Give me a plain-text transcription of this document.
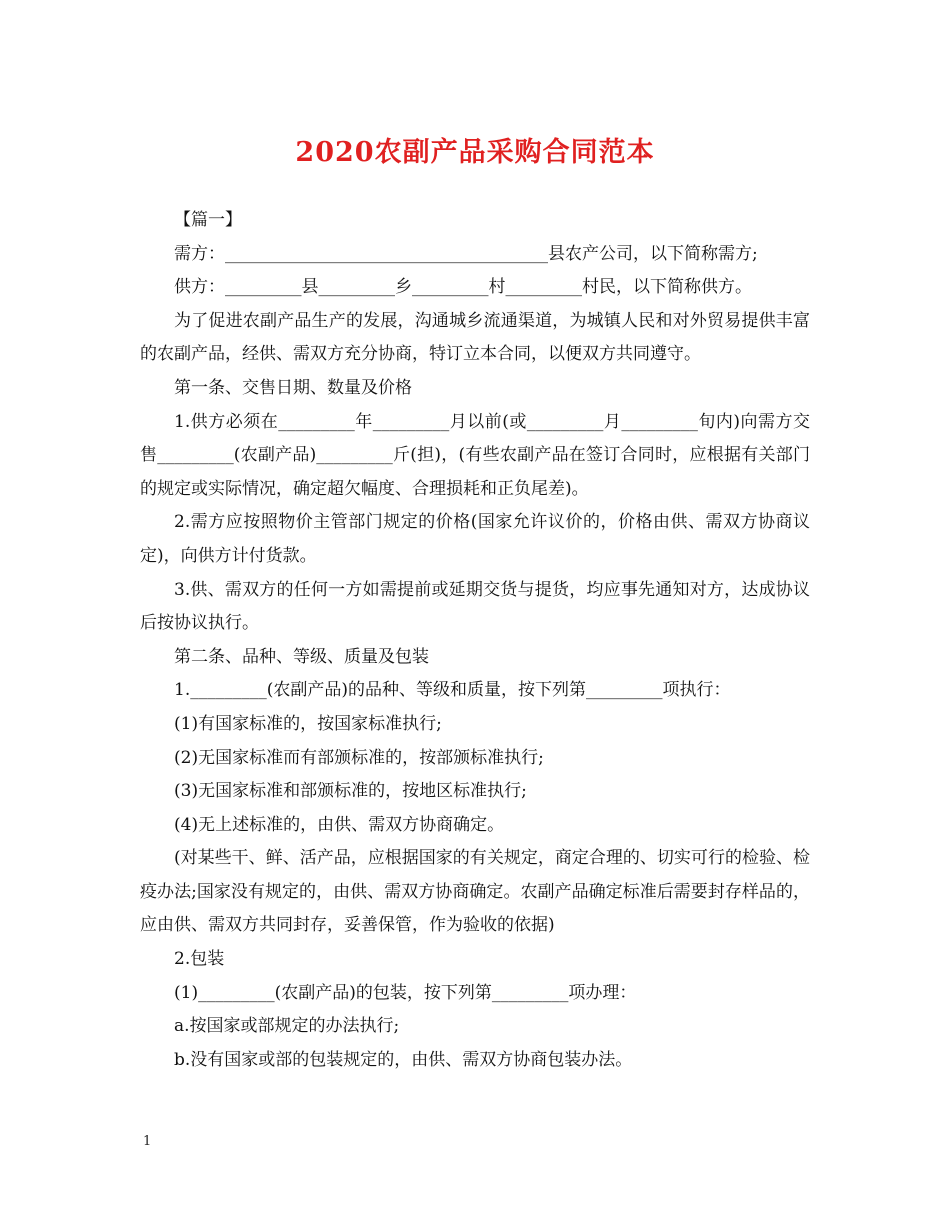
2020农副产品采购合同范本

【篇一】

需方：______________________________________县农产公司，以下简称需方;

供方：_________县_________乡_________村_________村民，以下简称供方。

为了促进农副产品生产的发展，沟通城乡流通渠道，为城镇人民和对外贸易提供丰富的农副产品，经供、需双方充分协商，特订立本合同，以便双方共同遵守。

第一条、交售日期、数量及价格

1.供方必须在_________年_________月以前(或_________月_________旬内)向需方交售_________(农副产品)_________斤(担)，(有些农副产品在签订合同时，应根据有关部门的规定或实际情况，确定超欠幅度、合理损耗和正负尾差)。

2.需方应按照物价主管部门规定的价格(国家允许议价的，价格由供、需双方协商议定)，向供方计付货款。

3.供、需双方的任何一方如需提前或延期交货与提货，均应事先通知对方，达成协议后按协议执行。

第二条、品种、等级、质量及包装

1._________(农副产品)的品种、等级和质量，按下列第_________项执行：

(1)有国家标准的，按国家标准执行;

(2)无国家标准而有部颁标准的，按部颁标准执行;

(3)无国家标准和部颁标准的，按地区标准执行;

(4)无上述标准的，由供、需双方协商确定。

(对某些干、鲜、活产品，应根据国家的有关规定，商定合理的、切实可行的检验、检疫办法;国家没有规定的，由供、需双方协商确定。农副产品确定标准后需要封存样品的，应由供、需双方共同封存，妥善保管，作为验收的依据)

2.包装

(1)_________(农副产品)的包装，按下列第_________项办理：

a.按国家或部规定的办法执行;

b.没有国家或部的包装规定的，由供、需双方协商包装办法。

1
